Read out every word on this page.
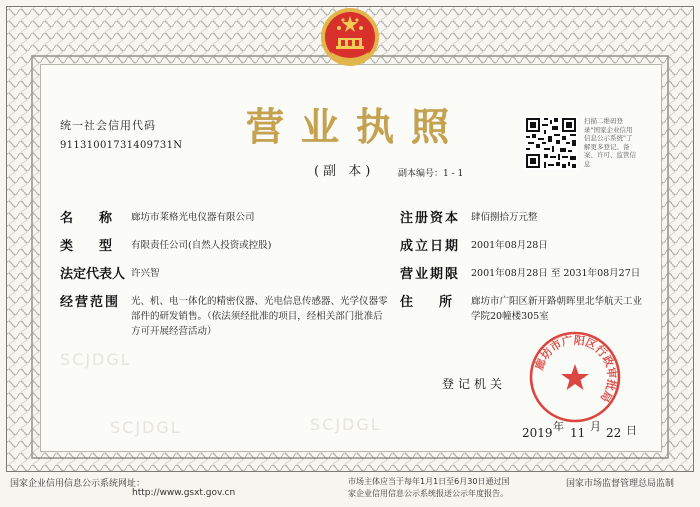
SCJDGL
SCJDGL
SCJDGL
统一社会信用代码
91131001731409731N 营业执照
(副 本)	副本编号：1 - 1
扫描二维码登录"国家企业信用信息公示系统"了解更多登记、备案、许可、监管信息
名　　称 廊坊市莱格光电仪器有限公司
类　　型 有限责任公司(自然人投资或控股)
法定代表人 许兴智
经营范围 光、机、电一体化的精密仪器、光电信息传感器、光学仪器零
部件的研发销售。（依法须经批准的项目，经相关部门批准后
方可开展经营活动）
注册资本 肆佰捌拾万元整
成立日期 2001年08月28日
营业期限 2001年08月28日 至 2031年08月27日
住　　所 廊坊市广阳区新开路朝晖里北华航天工业
学院20幢楼305室
登记机关
廊坊市广阳区行政审批局
2019 年 11 月 22 日
国家企业信用信息公示系统网址：
http://www.gsxt.gov.cn
市场主体应当于每年1月1日至6月30日通过国
家企业信用信息公示系统报送公示年度报告。
国家市场监督管理总局监制
